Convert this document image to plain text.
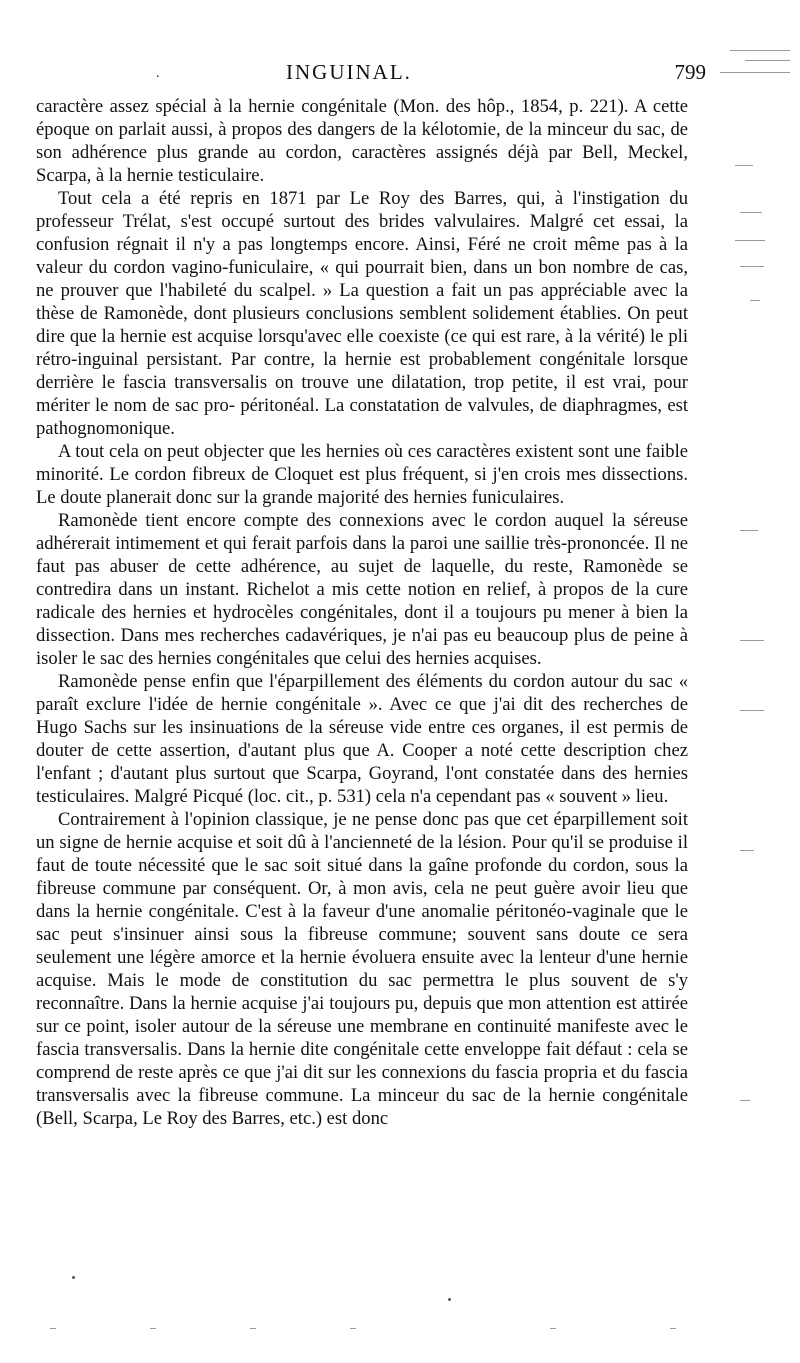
.	INGUINAL.	799

caractère assez spécial à la hernie congénitale (Mon. des hôp., 1854, p. 221). A cette époque on parlait aussi, à propos des dangers de la kélotomie, de la minceur du sac, de son adhérence plus grande au cordon, caractères assignés déjà par Bell, Meckel, Scarpa, à la hernie testiculaire.

Tout cela a été repris en 1871 par Le Roy des Barres, qui, à l'instigation du professeur Trélat, s'est occupé surtout des brides valvulaires. Malgré cet essai, la confusion régnait il n'y a pas longtemps encore. Ainsi, Féré ne croit même pas à la valeur du cordon vagino-funiculaire, « qui pourrait bien, dans un bon nombre de cas, ne prouver que l'habileté du scalpel. » La question a fait un pas appréciable avec la thèse de Ramonède, dont plusieurs conclusions semblent solidement établies. On peut dire que la hernie est acquise lorsqu'avec elle coexiste (ce qui est rare, à la vérité) le pli rétro-inguinal persistant. Par contre, la hernie est probablement congénitale lorsque derrière le fascia transversalis on trouve une dilatation, trop petite, il est vrai, pour mériter le nom de sac pro- péritonéal. La constatation de valvules, de diaphragmes, est pathognomonique.

A tout cela on peut objecter que les hernies où ces caractères existent sont une faible minorité. Le cordon fibreux de Cloquet est plus fréquent, si j'en crois mes dissections. Le doute planerait donc sur la grande majorité des hernies funiculaires.

Ramonède tient encore compte des connexions avec le cordon auquel la séreuse adhérerait intimement et qui ferait parfois dans la paroi une saillie très-prononcée. Il ne faut pas abuser de cette adhérence, au sujet de laquelle, du reste, Ramonède se contredira dans un instant. Richelot a mis cette notion en relief, à propos de la cure radicale des hernies et hydrocèles congénitales, dont il a toujours pu mener à bien la dissection. Dans mes recherches cadavériques, je n'ai pas eu beaucoup plus de peine à isoler le sac des hernies congénitales que celui des hernies acquises.

Ramonède pense enfin que l'éparpillement des éléments du cordon autour du sac « paraît exclure l'idée de hernie congénitale ». Avec ce que j'ai dit des recherches de Hugo Sachs sur les insinuations de la séreuse vide entre ces organes, il est permis de douter de cette assertion, d'autant plus que A. Cooper a noté cette description chez l'enfant ; d'autant plus surtout que Scarpa, Goyrand, l'ont constatée dans des hernies testiculaires. Malgré Picqué (loc. cit., p. 531) cela n'a cependant pas « souvent » lieu.

Contrairement à l'opinion classique, je ne pense donc pas que cet éparpillement soit un signe de hernie acquise et soit dû à l'ancienneté de la lésion. Pour qu'il se produise il faut de toute nécessité que le sac soit situé dans la gaîne profonde du cordon, sous la fibreuse commune par conséquent. Or, à mon avis, cela ne peut guère avoir lieu que dans la hernie congénitale. C'est à la faveur d'une anomalie péritonéo-vaginale que le sac peut s'insinuer ainsi sous la fibreuse commune; souvent sans doute ce sera seulement une légère amorce et la hernie évoluera ensuite avec la lenteur d'une hernie acquise. Mais le mode de constitution du sac permettra le plus souvent de s'y reconnaître. Dans la hernie acquise j'ai toujours pu, depuis que mon attention est attirée sur ce point, isoler autour de la séreuse une membrane en continuité manifeste avec le fascia transversalis. Dans la hernie dite congénitale cette enveloppe fait défaut : cela se comprend de reste après ce que j'ai dit sur les connexions du fascia propria et du fascia transversalis avec la fibreuse commune. La minceur du sac de la hernie congénitale (Bell, Scarpa, Le Roy des Barres, etc.) est donc
